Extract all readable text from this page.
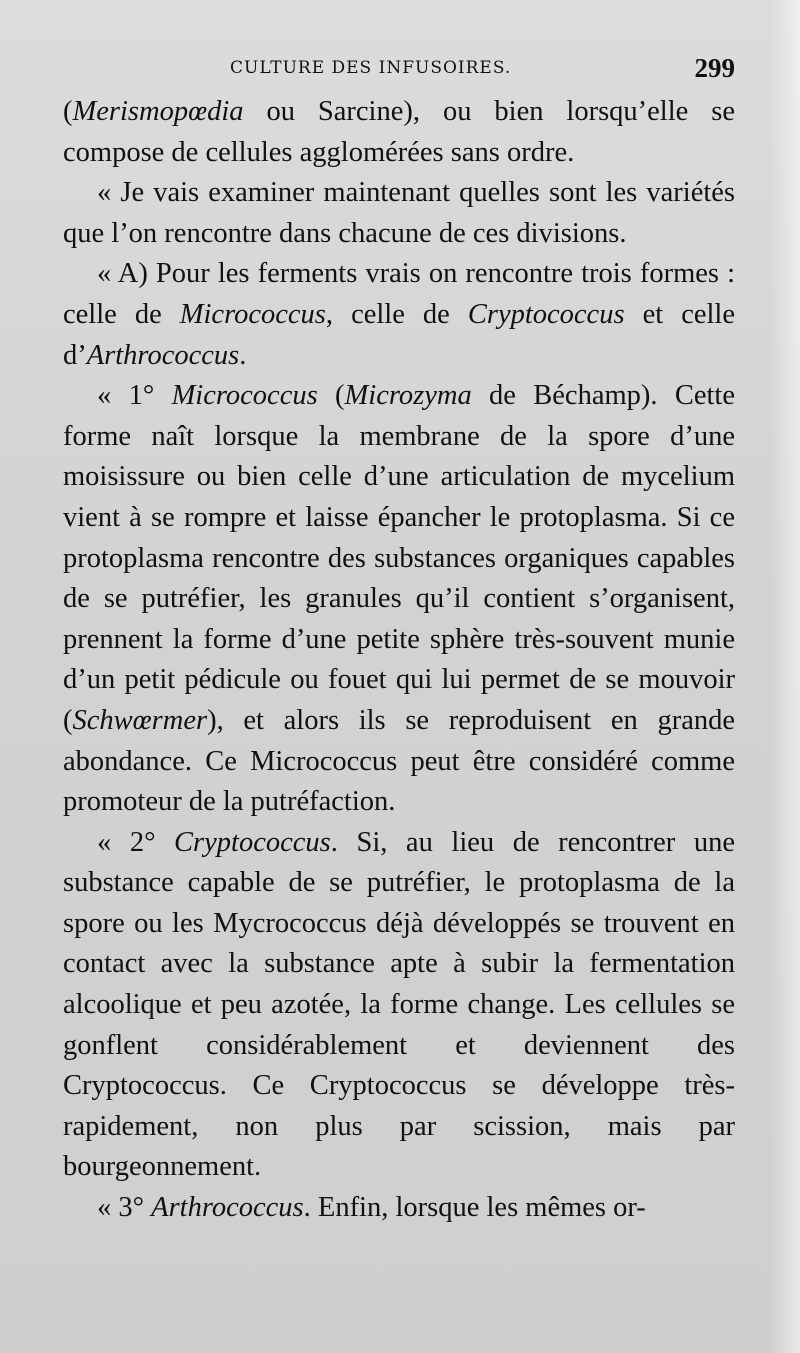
CULTURE DES INFUSOIRES.	299

(Merismopœdia ou Sarcine), ou bien lorsqu’elle se compose de cellules agglomérées sans ordre.

« Je vais examiner maintenant quelles sont les variétés que l’on rencontre dans chacune de ces divisions.

« A) Pour les ferments vrais on rencontre trois formes : celle de Micrococcus, celle de Cryptococcus et celle d’Arthrococcus.

« 1° Micrococcus (Microzyma de Béchamp). Cette forme naît lorsque la membrane de la spore d’une moisissure ou bien celle d’une articulation de mycelium vient à se rompre et laisse épancher le protoplasma. Si ce protoplasma rencontre des substances organiques capables de se putréfier, les granules qu’il contient s’organisent, prennent la forme d’une petite sphère très-souvent munie d’un petit pédicule ou fouet qui lui permet de se mouvoir (Schwœrmer), et alors ils se reproduisent en grande abondance. Ce Micrococcus peut être considéré comme promoteur de la putréfaction.

« 2° Cryptococcus. Si, au lieu de rencontrer une substance capable de se putréfier, le protoplasma de la spore ou les Mycrococcus déjà développés se trouvent en contact avec la substance apte à subir la fermentation alcoolique et peu azotée, la forme change. Les cellules se gonflent considérablement et deviennent des Cryptococcus. Ce Cryptococcus se développe très-rapidement, non plus par scission, mais par bourgeonnement.

« 3° Arthrococcus. Enfin, lorsque les mêmes or-
